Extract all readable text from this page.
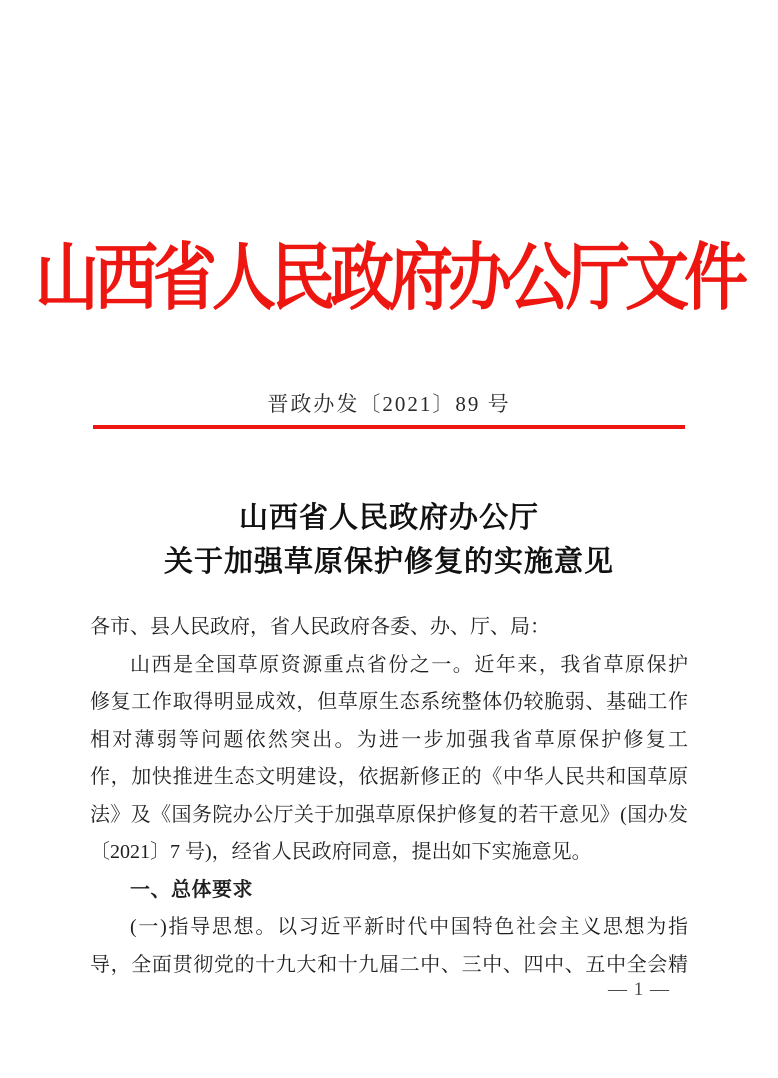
山西省人民政府办公厅文件
晋政办发〔2021〕89 号
山西省人民政府办公厅
关于加强草原保护修复的实施意见
各市、县人民政府，省人民政府各委、办、厅、局：
山西是全国草原资源重点省份之一。近年来，我省草原保护
修复工作取得明显成效，但草原生态系统整体仍较脆弱、基础工作
相对薄弱等问题依然突出。为进一步加强我省草原保护修复工
作，加快推进生态文明建设，依据新修正的《中华人民共和国草原
法》及《国务院办公厅关于加强草原保护修复的若干意见》(国办发
〔2021〕7 号)，经省人民政府同意，提出如下实施意见。
一、总体要求
(一)指导思想。以习近平新时代中国特色社会主义思想为指
导，全面贯彻党的十九大和十九届二中、三中、四中、五中全会精
— 1 —
